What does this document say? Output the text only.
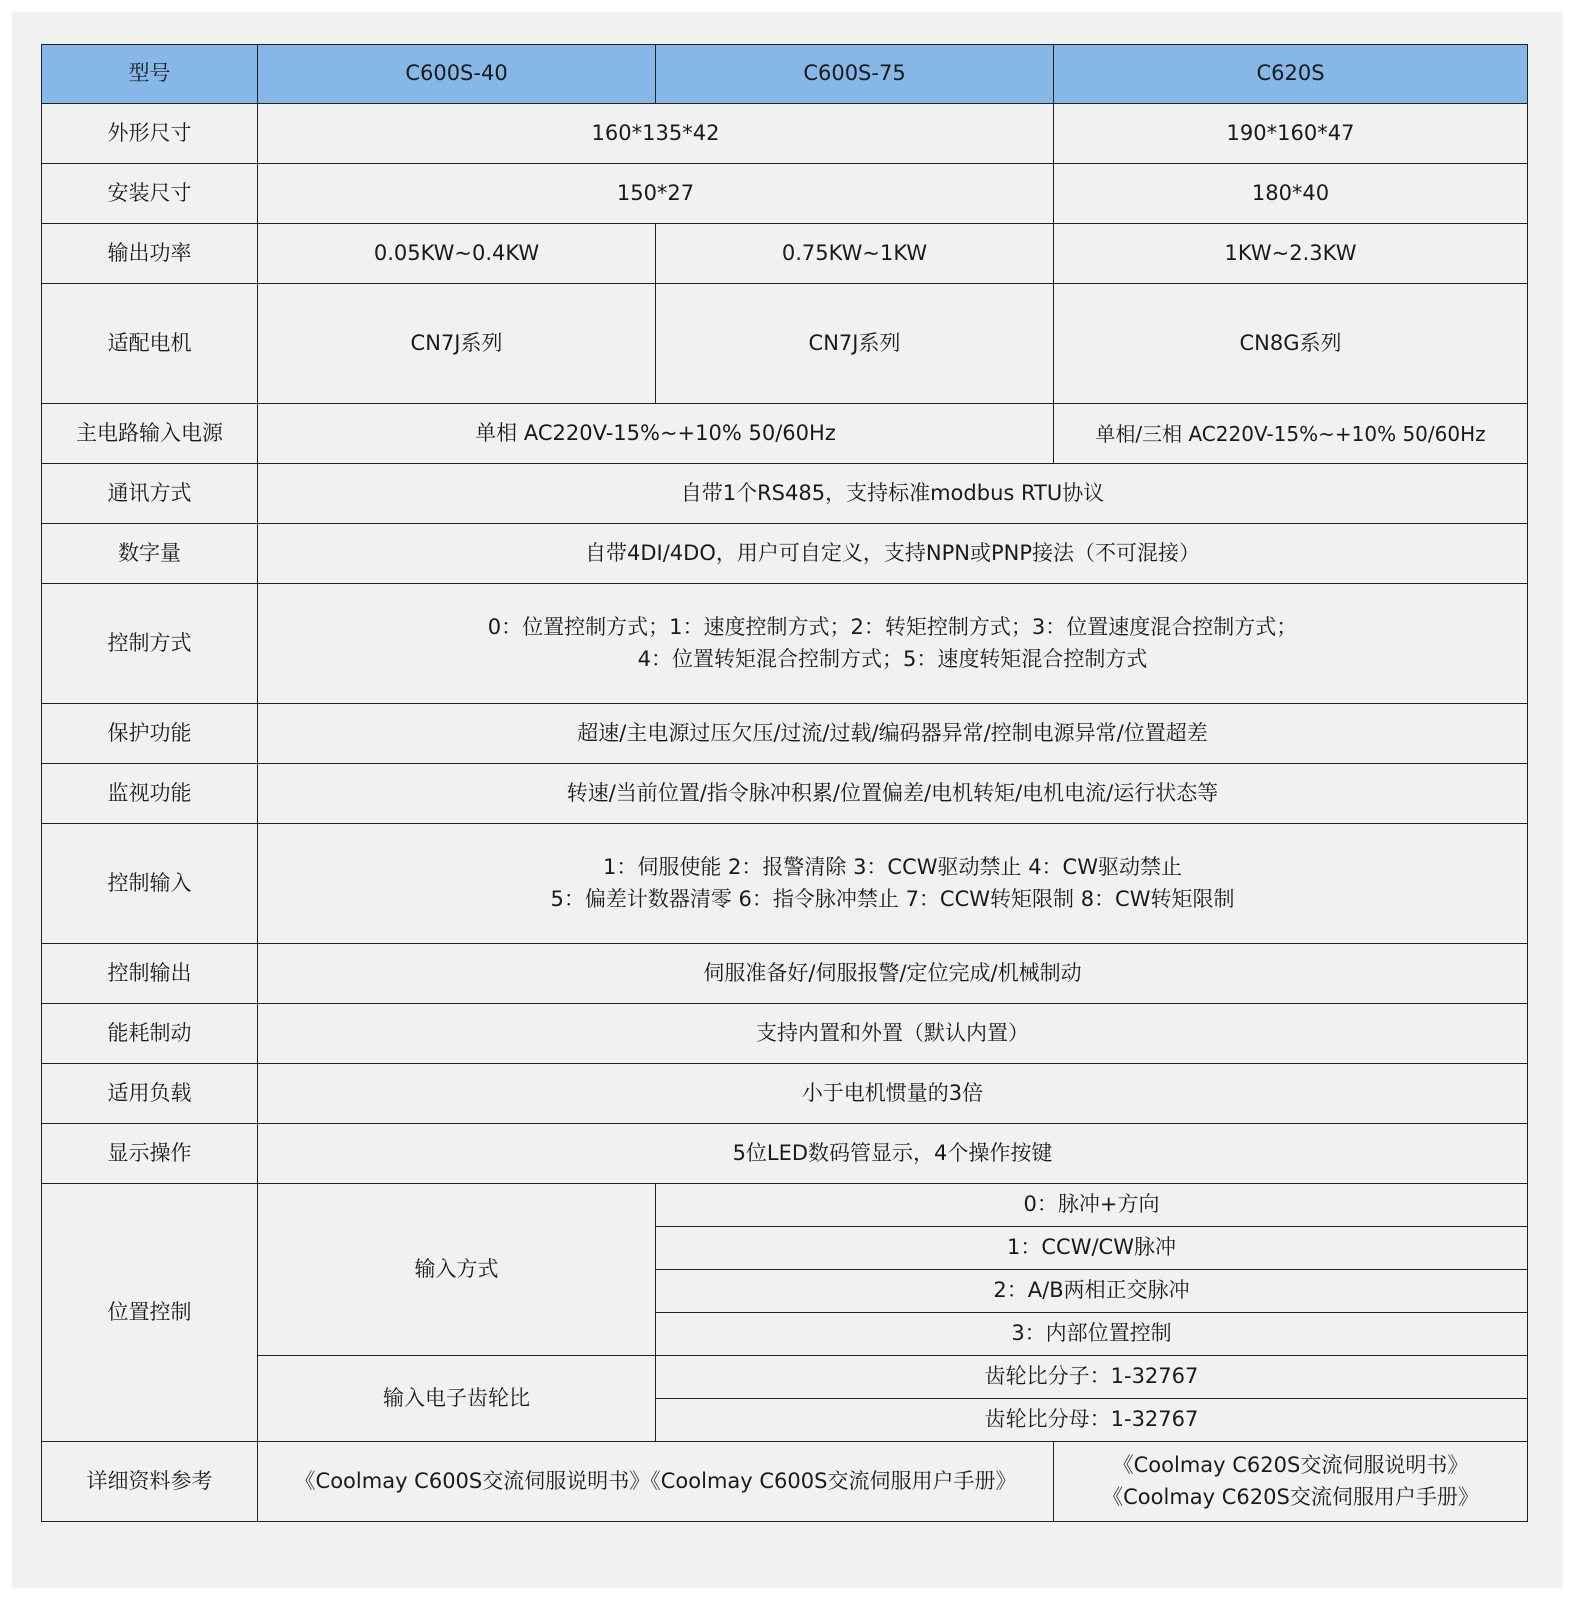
型号	C600S-40	C600S-75	C620S
外形尺寸	160*135*42		190*160*47
安装尺寸	150*27		180*40
输出功率	0.05KW~0.4KW	0.75KW~1KW	1KW~2.3KW
适配电机	CN7J系列	CN7J系列	CN8G系列
主电路输入电源	单相 AC220V-15%~+10% 50/60Hz		单相/三相 AC220V-15%~+10% 50/60Hz
通讯方式	自带1个RS485，支持标准modbus RTU协议		
数字量	自带4DI/4DO，用户可自定义，支持NPN或PNP接法（不可混接）		
控制方式	0：位置控制方式；1：速度控制方式；2：转矩控制方式；3：位置速度混合控制方式；
4：位置转矩混合控制方式；5：速度转矩混合控制方式		

保护功能	超速/主电源过压欠压/过流/过载/编码器异常/控制电源异常/位置超差		
监视功能	转速/当前位置/指令脉冲积累/位置偏差/电机转矩/电机电流/运行状态等		
控制输入	1：伺服使能 2：报警清除 3：CCW驱动禁止 4：CW驱动禁止
5：偏差计数器清零 6：指令脉冲禁止 7：CCW转矩限制 8：CW转矩限制		

控制输出	伺服准备好/伺服报警/定位完成/机械制动		
能耗制动	支持内置和外置（默认内置）		
适用负载	小于电机惯量的3倍		
显示操作	5位LED数码管显示，4个操作按键		
位置控制	输入方式	0：脉冲+方向	
		1：CCW/CW脉冲	
		2：A/B两相正交脉冲	
		3：内部位置控制	
	输入电子齿轮比	齿轮比分子：1-32767	
		齿轮比分母：1-32767	
详细资料参考	《Coolmay C600S交流伺服说明书》《Coolmay C600S交流伺服用户手册》		《Coolmay C620S交流伺服说明书》
《Coolmay C620S交流伺服用户手册》
